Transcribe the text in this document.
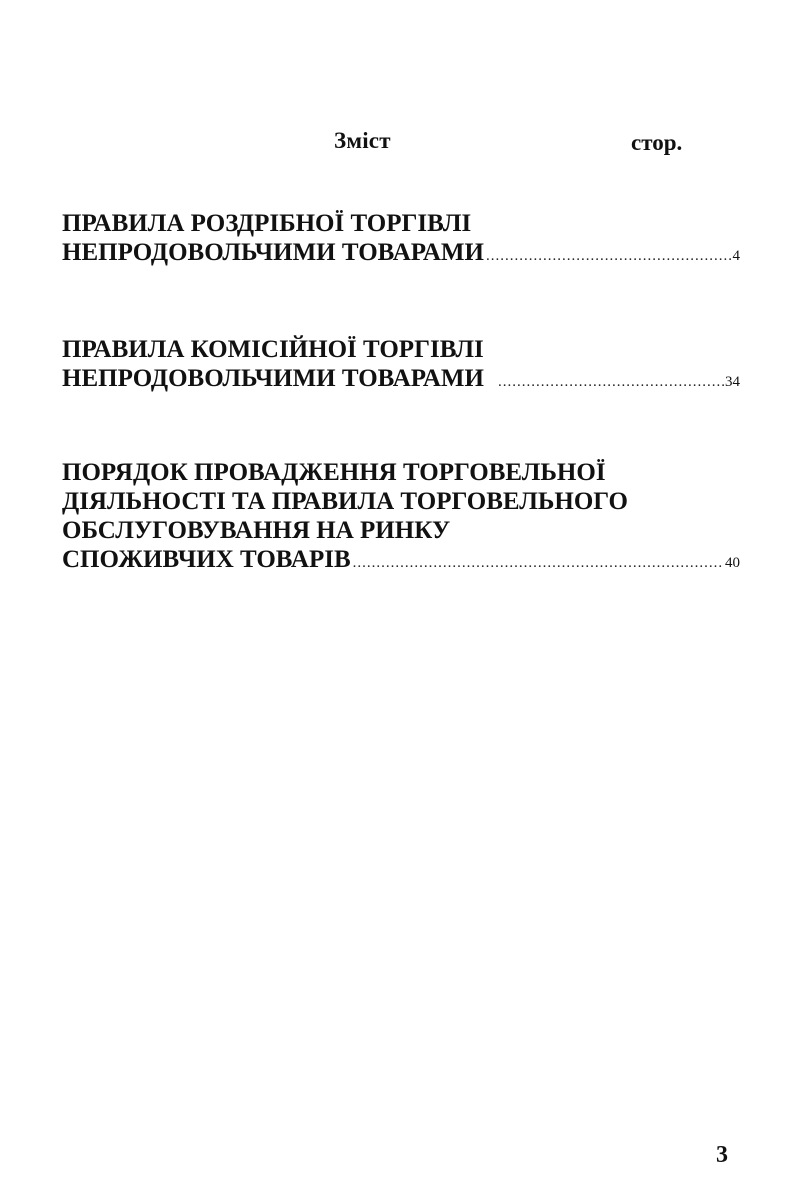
Зміст	стор.
ПРАВИЛА РОЗДРІБНОЇ ТОРГІВЛІ
НЕПРОДОВОЛЬЧИМИ ТОВАРАМИ .....	4
ПРАВИЛА КОМІСІЙНОЇ ТОРГІВЛІ
НЕПРОДОВОЛЬЧИМИ ТОВАРАМИ .....	34
ПОРЯДОК ПРОВАДЖЕННЯ ТОРГОВЕЛЬНОЇ
ДІЯЛЬНОСТІ ТА ПРАВИЛА ТОРГОВЕЛЬНОГО
ОБСЛУГОВУВАННЯ НА РИНКУ
СПОЖИВЧИХ ТОВАРІВ .....	40
3
